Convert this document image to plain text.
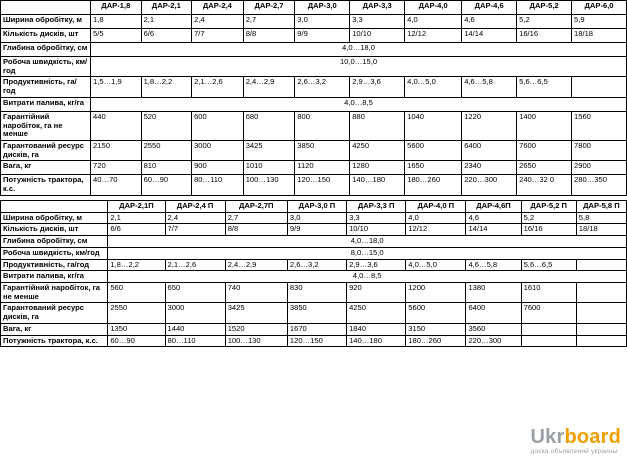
	ДАР-1,8	ДАР-2,1	ДАР-2,4	ДАР-2,7	ДАР-3,0	ДАР-3,3	ДАР-4,0	ДАР-4,6	ДАР-5,2	ДАР-6,0
Ширина обробітку, м	1,8	2,1	2,4	2,7	3,0	3,3	4,0	4,6	5,2	5,9
Кількість дисків, шт	5/5	6/6	7/7	8/8	9/9	10/10	12/12	14/14	16/16	18/18
Глибина обробітку, см	4,0…18,0									
Робоча швидкість, км/год	10,0…15,0									
Продуктивність, га/год	1,5…1,9	1,8…2,2	2,1…2,6	2,4…2,9	2,6…3,2	2,9…3,6	4,0…5,0	4,6…5,8	5,6…6,5	
Витрати палива, кг/га	4,0…8,5									
Гарантійний наробіток, га не менше	440	520	600	680	800	880	1040	1220	1400	1560
Гарантований ресурс дисків, га	2150	2550	3000	3425	3850	4250	5600	6400	7600	7800
Вага, кг	720	810	900	1010	1120	1280	1650	2340	2650	2900
Потужність трактора, к.с.	40…70	60…90	80…110	100…130	120…150	140…180	180…260	220…300	240…32 0	280…350
	ДАР-2,1П	ДАР-2,4 П	ДАР-2,7П	ДАР-3,0 П	ДАР-3,3 П	ДАР-4,0 П	ДАР-4,6П	ДАР-5,2 П	ДАР-5,8 П
Ширина обробітку, м	2,1	2,4	2,7	3,0	3,3	4,0	4,6	5,2	5,8
Кількість дисків, шт	6/6	7/7	8/8	9/9	10/10	12/12	14/14	16/16	18/18
Глибина обробітку, см	4,0…18,0								
Робоча швидкість, км/год	8,0…15,0								
Продуктивність, га/год	1,8…2,2	2,1…2,6	2,4…2,9	2,6…3,2	2,9…3,6	4,0…5,0	4,6…5,8	5,6…6,5	
Витрати палива, кг/га	4,0…8,5								
Гарантійний наробіток, га не менше	560	650	740	830	920	1200	1380	1610	
Гарантований ресурс дисків, га	2550	3000	3425	3850	4250	5600	6400	7600	
Вага, кг	1350	1440	1520	1670	1840	3150	3560		
Потужність трактора, к.с.	60…90	80…110	100…130	120…150	140…180	180…260	220…300		
Ukrboard
доска объявлений украины
